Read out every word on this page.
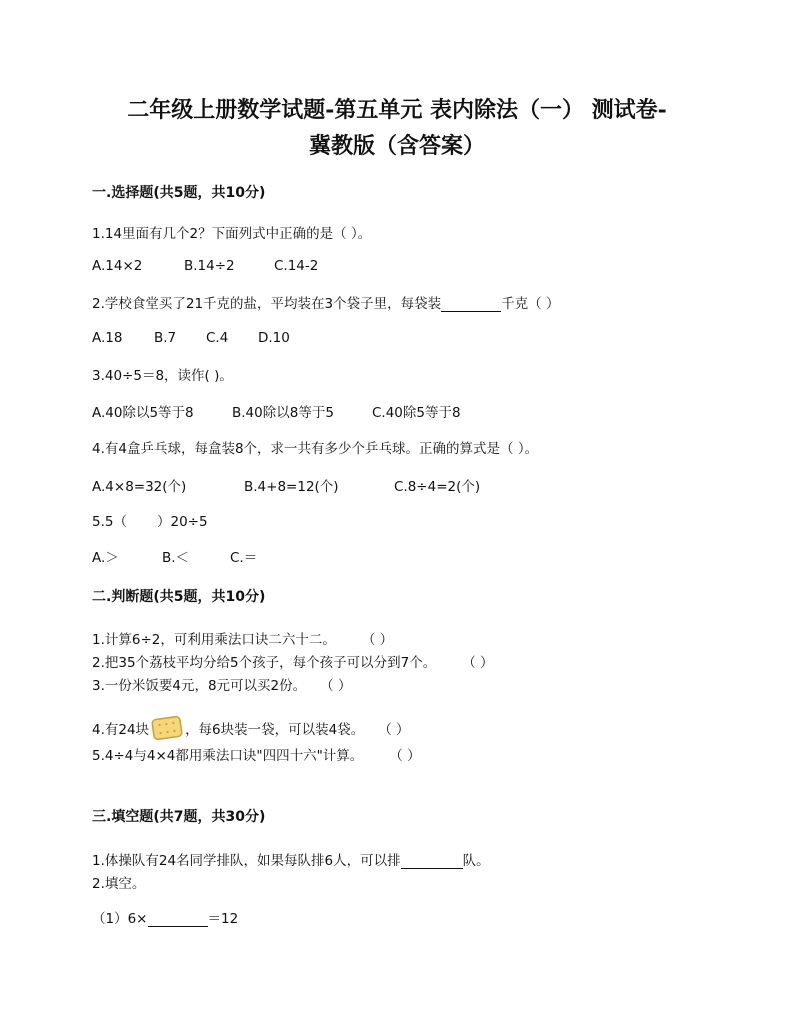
二年级上册数学试题-第五单元 表内除法（一） 测试卷-
冀教版（含答案）
一.选择题(共5题，共10分)
1.14里面有几个2？下面列式中正确的是（ ）。
A.14×2	B.14÷2	C.14-2
2.学校食堂买了21千克的盐，平均装在3个袋子里，每袋装	千克（ ）
A.18 B.7 C.4 D.10
3.40÷5＝8，读作( )。
A.40除以5等于8	B.40除以8等于5	C.40除5等于8
4.有4盒乒乓球，每盒装8个，求一共有多少个乒乓球。正确的算式是（ ）。
A.4×8=32(个)	B.4+8=12(个)	C.8÷4=2(个)
5.5（ ）20÷5
A.＞	B.＜	C.＝
二.判断题(共5题，共10分)
1.计算6÷2，可利用乘法口诀二六十二。 （ ）
2.把35个荔枝平均分给5个孩子，每个孩子可以分到7个。 （ ）
3.一份米饭要4元，8元可以买2份。 （ ）
4.有24块	，每6块装一袋，可以装4袋。 （ ）
5.4÷4与4×4都用乘法口诀"四四十六"计算。 （ ）
三.填空题(共7题，共30分)
1.体操队有24名同学排队，如果每队排6人，可以排	队。
2.填空。
（1）6×	＝12
